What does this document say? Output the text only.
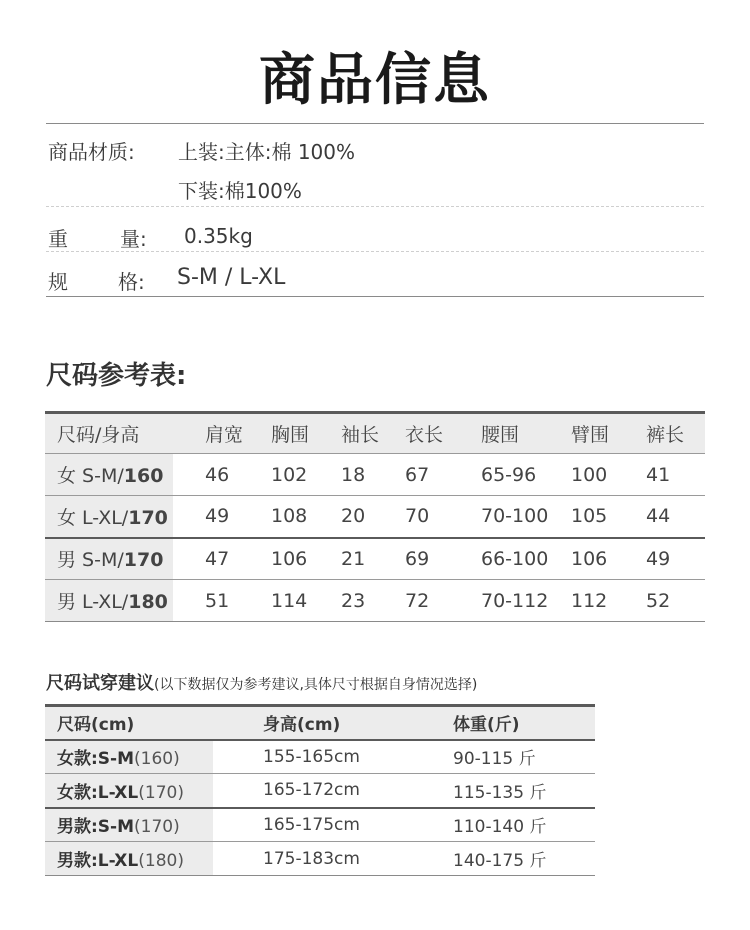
商品信息
商品材质: 上装:主体:棉 100%
下装:棉100%
重	量: 0.35kg
规	格: S-M / L-XL
尺码参考表:
尺码/身高	肩宽	胸围	袖长	衣长	腰围	臂围	裤长
女 S-M/160	46	102	18	67	65-96	100	41
女 L-XL/170	49	108	20	70	70-100	105	44
男 S-M/170	47	106	21	69	66-100	106	49
男 L-XL/180	51	114	23	72	70-112	112	52
尺码试穿建议(以下数据仅为参考建议,具体尺寸根据自身情况选择)
尺码(cm)	身高(cm)	体重(斤)
女款:S-M(160)	155-165cm	90-115 斤
女款:L-XL(170)	165-172cm	115-135 斤
男款:S-M(170)	165-175cm	110-140 斤
男款:L-XL(180)	175-183cm	140-175 斤
